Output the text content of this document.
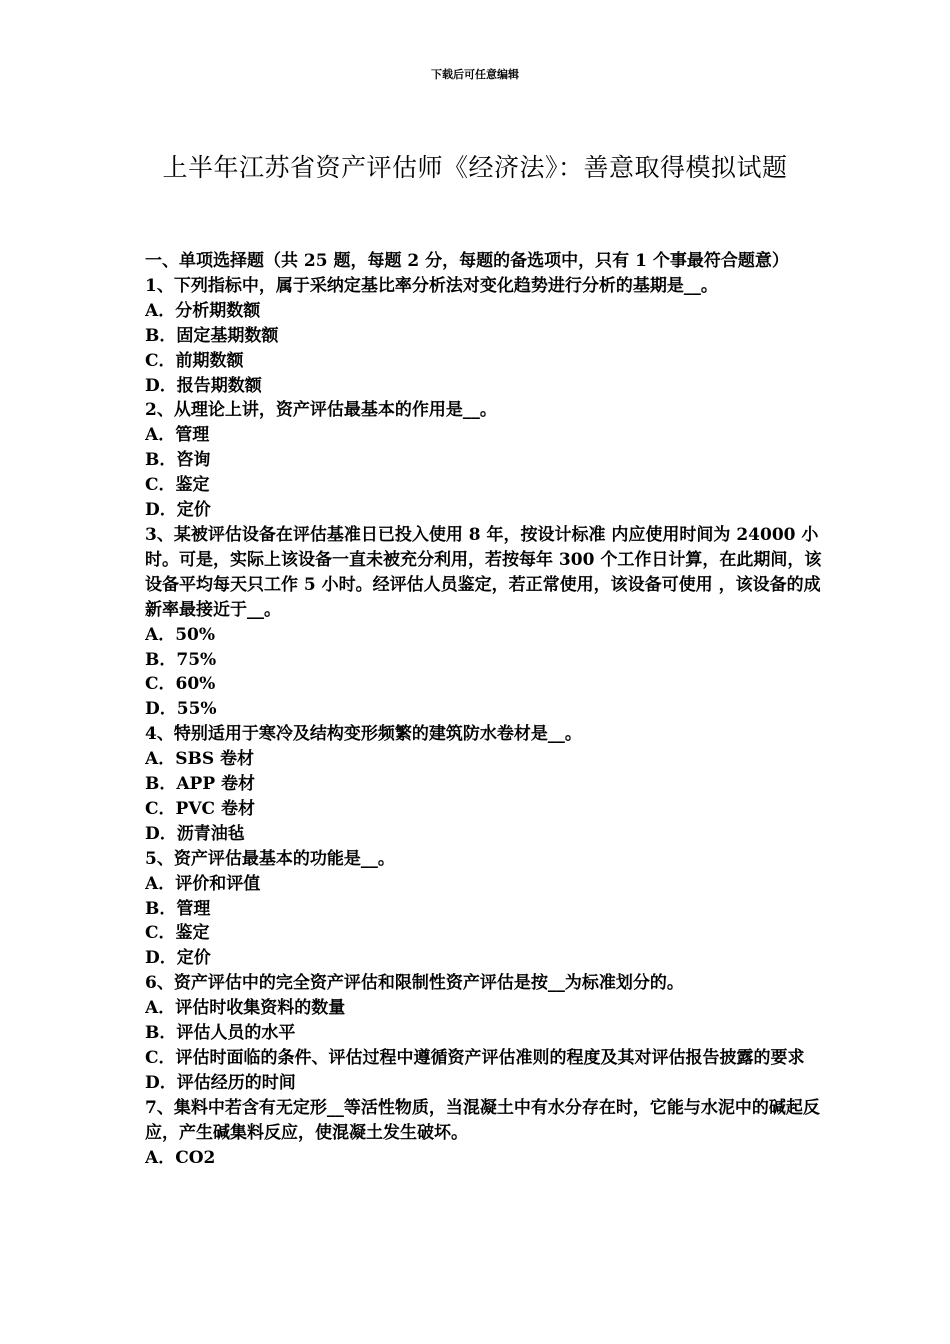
下载后可任意编辑
上半年江苏省资产评估师《经济法》：善意取得模拟试题
一、单项选择题（共 25 题，每题 2 分，每题的备选项中，只有 1 个事最符合题意）
1、下列指标中，属于采纳定基比率分析法对变化趋势进行分析的基期是__。
A．分析期数额
B．固定基期数额
C．前期数额
D．报告期数额
2、从理论上讲，资产评估最基本的作用是__。
A．管理
B．咨询
C．鉴定
D．定价
3、某被评估设备在评估基准日已投入使用 8 年，按设计标准 内应使用时间为 24000 小时。可是，实际上该设备一直未被充分利用，若按每年 300 个工作日计算，在此期间，该设备平均每天只工作 5 小时。经评估人员鉴定，若正常使用，该设备可使用 ，该设备的成新率最接近于__。
A．50%
B．75%
C．60%
D．55%
4、特别适用于寒冷及结构变形频繁的建筑防水卷材是__。
A．SBS 卷材
B．APP 卷材
C．PVC 卷材
D．沥青油毡
5、资产评估最基本的功能是__。
A．评价和评值
B．管理
C．鉴定
D．定价
6、资产评估中的完全资产评估和限制性资产评估是按__为标准划分的。
A．评估时收集资料的数量
B．评估人员的水平
C．评估时面临的条件、评估过程中遵循资产评估准则的程度及其对评估报告披露的要求
D．评估经历的时间
7、集料中若含有无定形__等活性物质，当混凝土中有水分存在时，它能与水泥中的碱起反应，产生碱集料反应，使混凝土发生破坏。
A．CO2
